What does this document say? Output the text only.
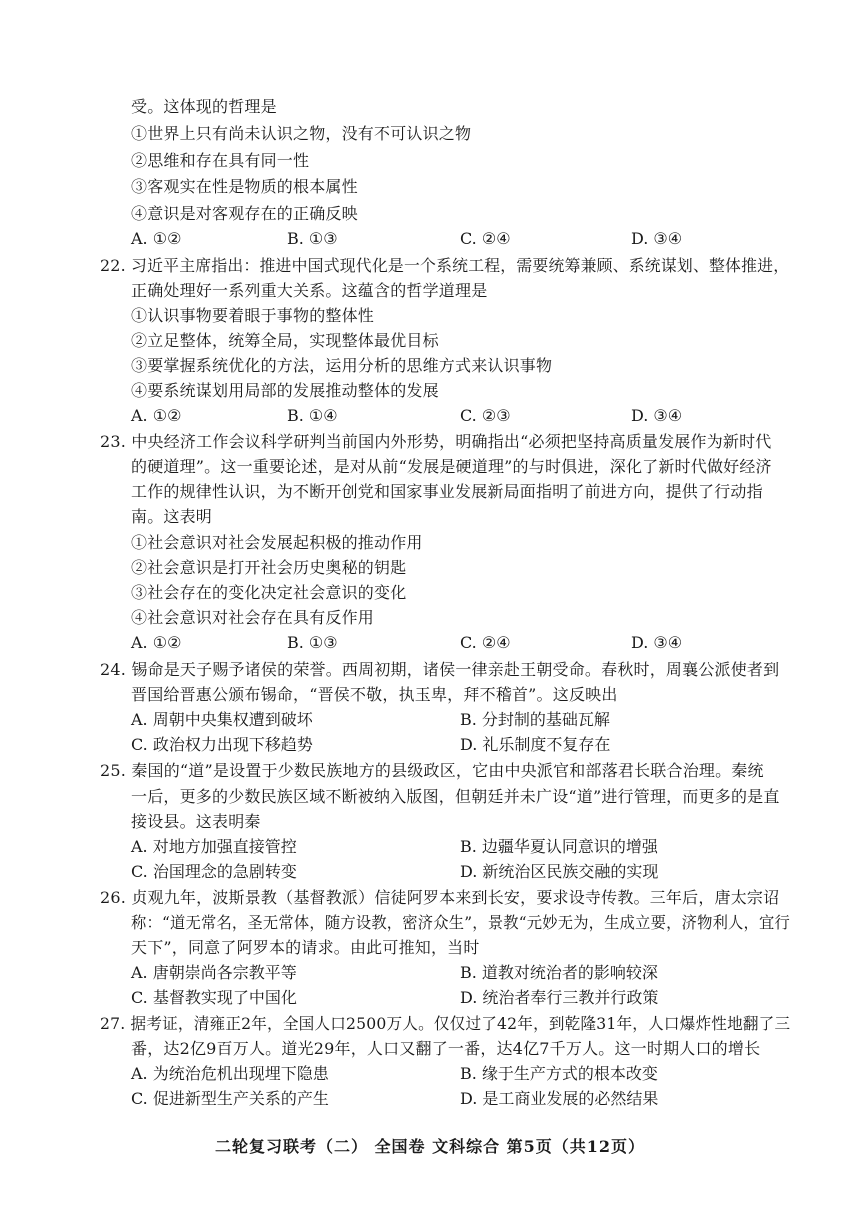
受。这体现的哲理是
①世界上只有尚未认识之物，没有不可认识之物
②思维和存在具有同一性
③客观实在性是物质的根本属性
④意识是对客观存在的正确反映
A. ①②	B. ①③	C. ②④	D. ③④
22. 习近平主席指出：推进中国式现代化是一个系统工程，需要统筹兼顾、系统谋划、整体推进，
正确处理好一系列重大关系。这蕴含的哲学道理是
①认识事物要着眼于事物的整体性
②立足整体，统筹全局，实现整体最优目标
③要掌握系统优化的方法，运用分析的思维方式来认识事物
④要系统谋划用局部的发展推动整体的发展
A. ①②	B. ①④	C. ②③	D. ③④
23. 中央经济工作会议科学研判当前国内外形势，明确指出“必须把坚持高质量发展作为新时代
的硬道理”。这一重要论述，是对从前“发展是硬道理”的与时俱进，深化了新时代做好经济
工作的规律性认识，为不断开创党和国家事业发展新局面指明了前进方向，提供了行动指
南。这表明
①社会意识对社会发展起积极的推动作用
②社会意识是打开社会历史奥秘的钥匙
③社会存在的变化决定社会意识的变化
④社会意识对社会存在具有反作用
A. ①②	B. ①③	C. ②④	D. ③④
24. 锡命是天子赐予诸侯的荣誉。西周初期，诸侯一律亲赴王朝受命。春秋时，周襄公派使者到
晋国给晋惠公颁布锡命，“晋侯不敬，执玉卑，拜不稽首”。这反映出
A. 周朝中央集权遭到破坏	B. 分封制的基础瓦解
C. 政治权力出现下移趋势	D. 礼乐制度不复存在
25. 秦国的“道”是设置于少数民族地方的县级政区，它由中央派官和部落君长联合治理。秦统
一后，更多的少数民族区域不断被纳入版图，但朝廷并未广设“道”进行管理，而更多的是直
接设县。这表明秦
A. 对地方加强直接管控	B. 边疆华夏认同意识的增强
C. 治国理念的急剧转变	D. 新统治区民族交融的实现
26. 贞观九年，波斯景教（基督教派）信徒阿罗本来到长安，要求设寺传教。三年后，唐太宗诏
称：“道无常名，圣无常体，随方设教，密济众生”，景教“元妙无为，生成立要，济物利人，宜行
天下”，同意了阿罗本的请求。由此可推知，当时
A. 唐朝崇尚各宗教平等	B. 道教对统治者的影响较深
C. 基督教实现了中国化	D. 统治者奉行三教并行政策
27. 据考证，清雍正2年，全国人口2500万人。仅仅过了42年，到乾隆31年，人口爆炸性地翻了三
番，达2亿9百万人。道光29年，人口又翻了一番，达4亿7千万人。这一时期人口的增长
A. 为统治危机出现埋下隐患	B. 缘于生产方式的根本改变
C. 促进新型生产关系的产生	D. 是工商业发展的必然结果
二轮复习联考（二） 全国卷 文科综合 第5页（共12页）
